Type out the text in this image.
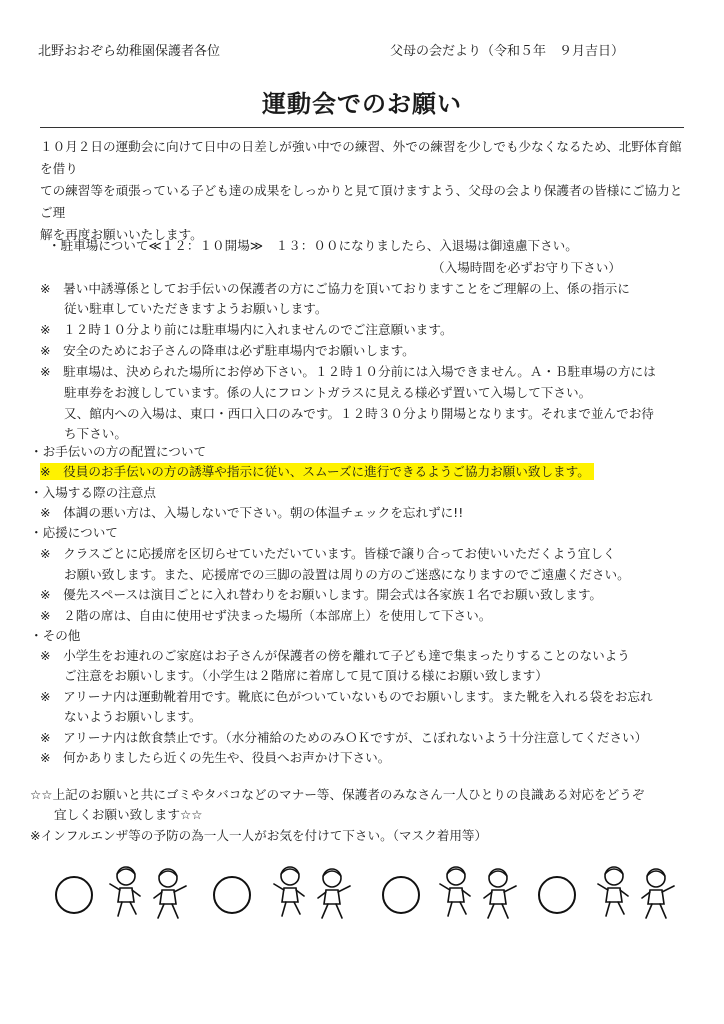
北野おおぞら幼稚園保護者各位	父母の会だより（令和５年　９月吉日）
運動会でのお願い

１０月２日の運動会に向けて日中の日差しが強い中での練習、外での練習を少しでも少なくなるため、北野体育館を借り

ての練習等を頑張っている子ども達の成果をしっかりと見て頂けますよう、父母の会より保護者の皆様にご協力とご理

解を再度お願いいたします。

・駐車場について≪１２：１０開場≫　１３：００になりましたら、入退場は御遠慮下さい。
（入場時間を必ずお守り下さい）
※　暑い中誘導係としてお手伝いの保護者の方にご協力を頂いておりますことをご理解の上、係の指示に
従い駐車していただきますようお願いします。
※　１２時１０分より前には駐車場内に入れませんのでご注意願います。
※　安全のためにお子さんの降車は必ず駐車場内でお願いします。
※　駐車場は、決められた場所にお停め下さい。１２時１０分前には入場できません。Ａ・Ｂ駐車場の方には
駐車券をお渡ししています。係の人にフロントガラスに見える様必ず置いて入場して下さい。
又、館内への入場は、東口・西口入口のみです。１２時３０分より開場となります。それまで並んでお待
ち下さい。
・お手伝いの方の配置について
※　役員のお手伝いの方の誘導や指示に従い、スムーズに進行できるようご協力お願い致します。
・入場する際の注意点
※　体調の悪い方は、入場しないで下さい。朝の体温チェックを忘れずに!!
・応援について
※　クラスごとに応援席を区切らせていただいています。皆様で譲り合ってお使いいただくよう宜しく
お願い致します。また、応援席での三脚の設置は周りの方のご迷惑になりますのでご遠慮ください。
※　優先スペースは演目ごとに入れ替わりをお願いします。開会式は各家族１名でお願い致します。
※　２階の席は、自由に使用せず決まった場所（本部席上）を使用して下さい。
・その他
※　小学生をお連れのご家庭はお子さんが保護者の傍を離れて子ども達で集まったりすることのないよう
ご注意をお願いします。（小学生は２階席に着席して見て頂ける様にお願い致します）
※　アリーナ内は運動靴着用です。靴底に色がついていないものでお願いします。また靴を入れる袋をお忘れ
ないようお願いします。
※　アリーナ内は飲食禁止です。（水分補給のためのみＯＫですが、こぼれないよう十分注意してください）
※　何かありましたら近くの先生や、役員へお声かけ下さい。
☆☆上記のお願いと共にゴミやタバコなどのマナー等、保護者のみなさん一人ひとりの良識ある対応をどうぞ
宜しくお願い致します☆☆
※インフルエンザ等の予防の為一人一人がお気を付けて下さい。（マスク着用等）
